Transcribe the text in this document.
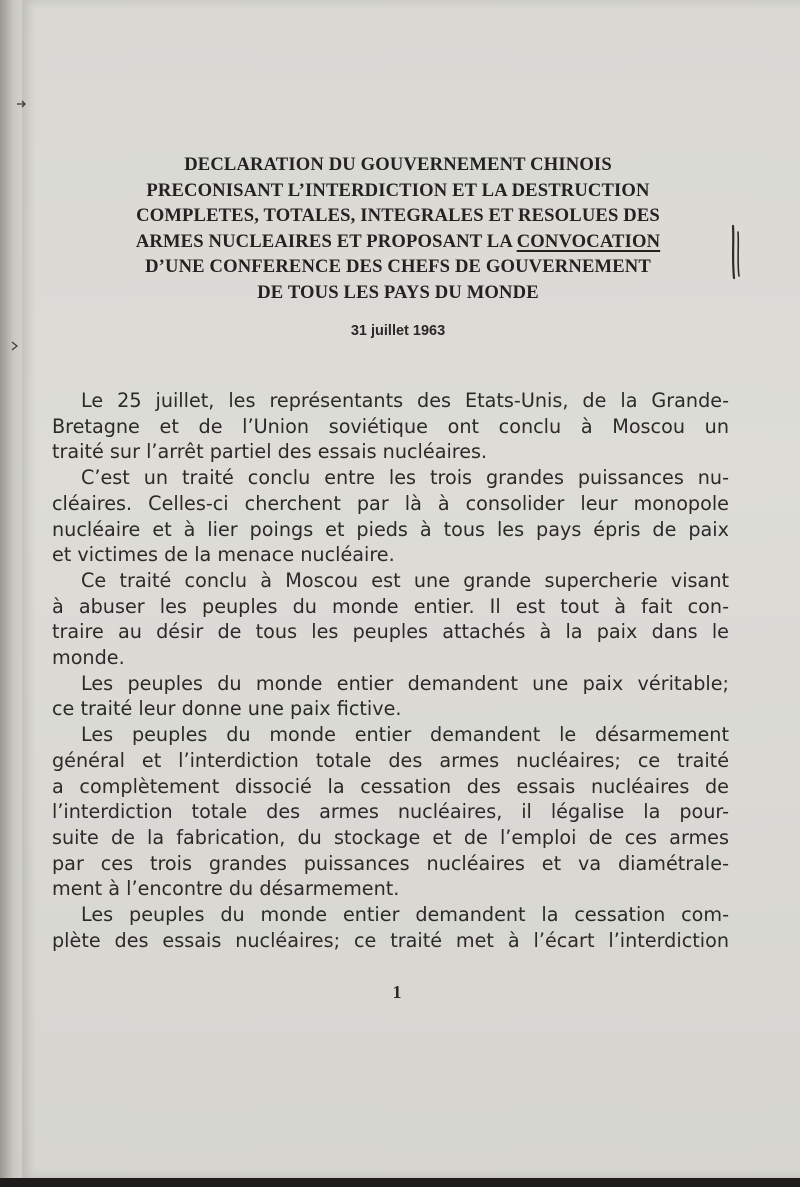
DECLARATION DU GOUVERNEMENT CHINOIS
PRECONISANT L’INTERDICTION ET LA DESTRUCTION
COMPLETES, TOTALES, INTEGRALES ET RESOLUES DES
ARMES NUCLEAIRES ET PROPOSANT LA CONVOCATION
D’UNE CONFERENCE DES CHEFS DE GOUVERNEMENT
DE TOUS LES PAYS DU MONDE

31 juillet 1963

Le 25 juillet, les représentants des Etats-Unis, de la Grande-
Bretagne et de l’Union soviétique ont conclu à Moscou un
traité sur l’arrêt partiel des essais nucléaires.

C’est un traité conclu entre les trois grandes puissances nu-
cléaires. Celles-ci cherchent par là à consolider leur monopole
nucléaire et à lier poings et pieds à tous les pays épris de paix
et victimes de la menace nucléaire.

Ce traité conclu à Moscou est une grande supercherie visant
à abuser les peuples du monde entier. Il est tout à fait con-
traire au désir de tous les peuples attachés à la paix dans le
monde.

Les peuples du monde entier demandent une paix véritable;
ce traité leur donne une paix fictive.

Les peuples du monde entier demandent le désarmement
général et l’interdiction totale des armes nucléaires; ce traité
a complètement dissocié la cessation des essais nucléaires de
l’interdiction totale des armes nucléaires, il légalise la pour-
suite de la fabrication, du stockage et de l’emploi de ces armes
par ces trois grandes puissances nucléaires et va diamétrale-
ment à l’encontre du désarmement.

Les peuples du monde entier demandent la cessation com-
plète des essais nucléaires; ce traité met à l’écart l’interdiction

1
